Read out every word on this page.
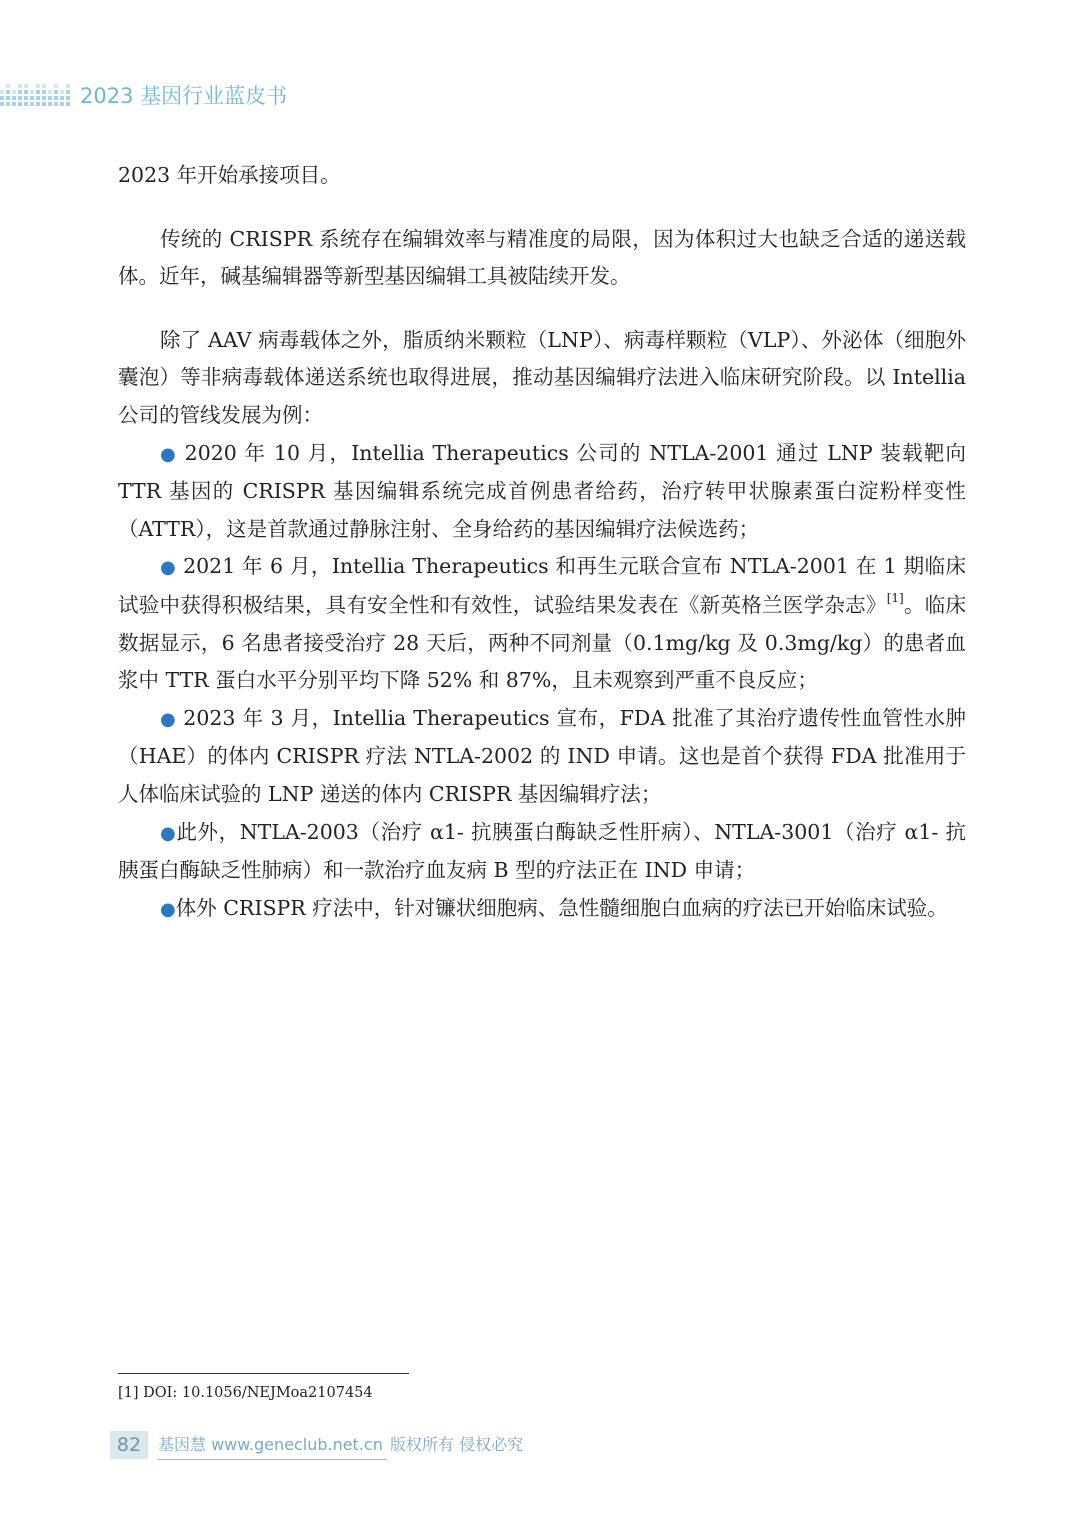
2023 基因行业蓝皮书

2023 年开始承接项目。

传统的 CRISPR 系统存在编辑效率与精准度的局限，因为体积过大也缺乏合适的递送载体。近年，碱基编辑器等新型基因编辑工具被陆续开发。

除了 AAV 病毒载体之外，脂质纳米颗粒（LNP）、病毒样颗粒（VLP）、外泌体（细胞外囊泡）等非病毒载体递送系统也取得进展，推动基因编辑疗法进入临床研究阶段。以 Intellia 公司的管线发展为例：

● 2020 年 10 月，Intellia Therapeutics 公司的 NTLA-2001 通过 LNP 装载靶向 TTR 基因的 CRISPR 基因编辑系统完成首例患者给药，治疗转甲状腺素蛋白淀粉样变性（ATTR），这是首款通过静脉注射、全身给药的基因编辑疗法候选药；

● 2021 年 6 月，Intellia Therapeutics 和再生元联合宣布 NTLA-2001 在 1 期临床试验中获得积极结果，具有安全性和有效性，试验结果发表在《新英格兰医学杂志》[1]。临床数据显示，6 名患者接受治疗 28 天后，两种不同剂量（0.1mg/kg 及 0.3mg/kg）的患者血浆中 TTR 蛋白水平分别平均下降 52% 和 87%，且未观察到严重不良反应；

● 2023 年 3 月，Intellia Therapeutics 宣布，FDA 批准了其治疗遗传性血管性水肿（HAE）的体内 CRISPR 疗法 NTLA-2002 的 IND 申请。这也是首个获得 FDA 批准用于人体临床试验的 LNP 递送的体内 CRISPR 基因编辑疗法；

●此外，NTLA-2003（治疗 α1- 抗胰蛋白酶缺乏性肝病）、NTLA-3001（治疗 α1- 抗胰蛋白酶缺乏性肺病）和一款治疗血友病 B 型的疗法正在 IND 申请；

●体外 CRISPR 疗法中，针对镰状细胞病、急性髓细胞白血病的疗法已开始临床试验。

[1] DOI: 10.1056/NEJMoa2107454
82	基因慧 www.geneclub.net.cn 版权所有 侵权必究
